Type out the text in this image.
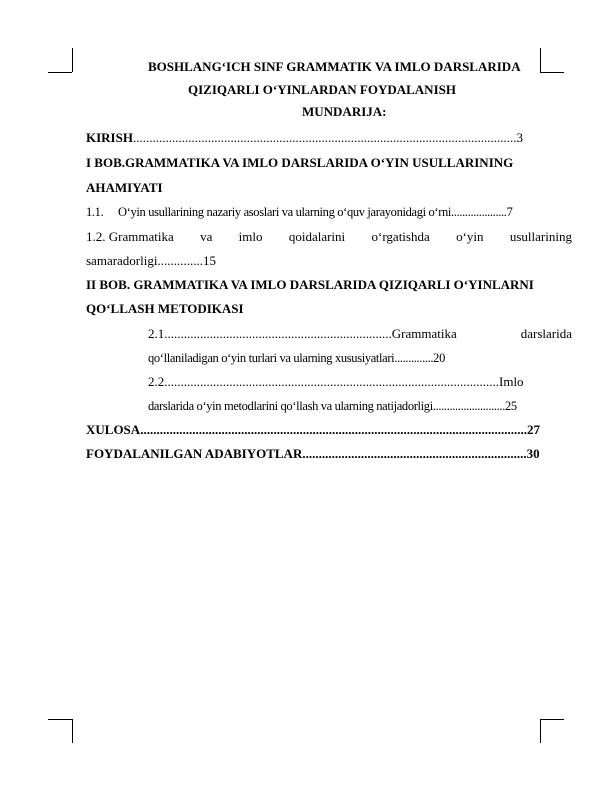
BOSHLANG‘ICH SINF GRAMMATIK VA IMLO DARSLARIDA
QIZIQARLI O‘YINLARDAN FOYDALANISH
MUNDARIJA:
KIRISH......................................................................................................................3
I BOB.GRAMMATIKA VA IMLO DARSLARIDA O‘YIN USULLARINING
AHAMIYATI
1.1. O‘yin usullarining nazariy asoslari va ularning o‘quv jarayonidagi o‘rni....................7
1.2. Grammatika va imlo qoidalarini o‘rgatishda o‘yin usullarining
samaradorligi..............15
II BOB. GRAMMATIKA VA IMLO DARSLARIDA QIZIQARLI O‘YINLARNI
QO‘LLASH METODIKASI
2.1......................................................................Grammatika	darslarida
qo‘llaniladigan o‘yin turlari va ularning xususiyatlari..............20
2.2.......................................................................................................Imlo
darslarida o‘yin metodlarini qo‘llash va ularning natijadorligi..........................25
XULOSA.......................................................................................................................27
FOYDALANILGAN ADABIYOTLAR.....................................................................30
